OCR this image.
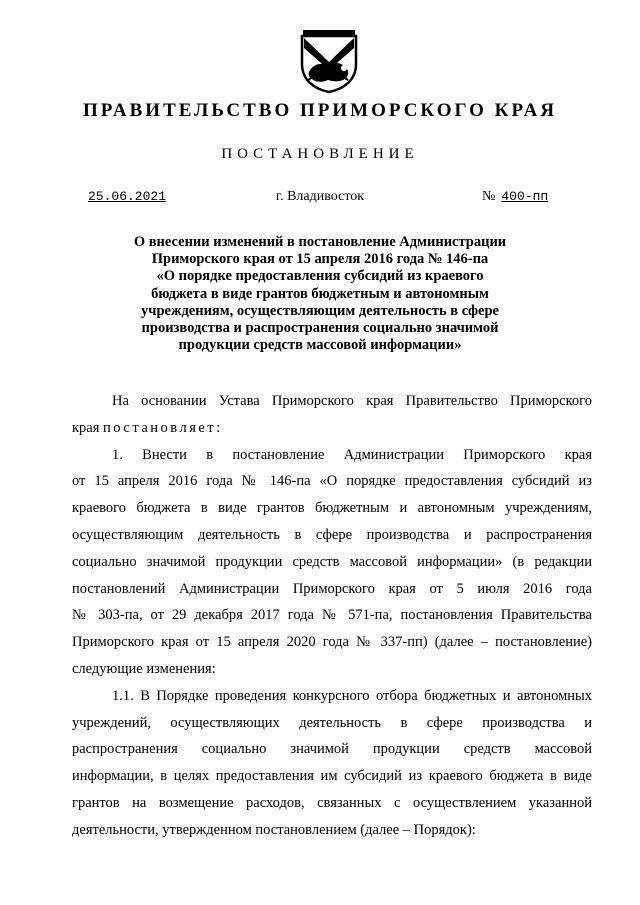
ПРАВИТЕЛЬСТВО ПРИМОРСКОГО КРАЯ
ПОСТАНОВЛЕНИЕ
25.06.2021	г. Владивосток	№ 400-пп
О внесении изменений в постановление Администрации
Приморского края от 15 апреля 2016 года № 146-па
«О порядке предоставления субсидий из краевого
бюджета в виде грантов бюджетным и автономным
учреждениям, осуществляющим деятельность в сфере
производства и распространения социально значимой
продукции средств массовой информации»
На основании Устава Приморского края Правительство Приморского
края постановляет:
1. Внести в постановление Администрации Приморского края
от 15 апреля 2016 года № 146-па «О порядке предоставления субсидий из
краевого бюджета в виде грантов бюджетным и автономным учреждениям,
осуществляющим деятельность в сфере производства и распространения
социально значимой продукции средств массовой информации» (в редакции
постановлений Администрации Приморского края от 5 июля 2016 года
№ 303-па, от 29 декабря 2017 года № 571-па, постановления Правительства
Приморского края от 15 апреля 2020 года № 337-пп) (далее – постановление)
следующие изменения:
1.1. В Порядке проведения конкурсного отбора бюджетных и автономных
учреждений, осуществляющих деятельность в сфере производства и
распространения социально значимой продукции средств массовой
информации, в целях предоставления им субсидий из краевого бюджета в виде
грантов на возмещение расходов, связанных с осуществлением указанной
деятельности, утвержденном постановлением (далее – Порядок):
